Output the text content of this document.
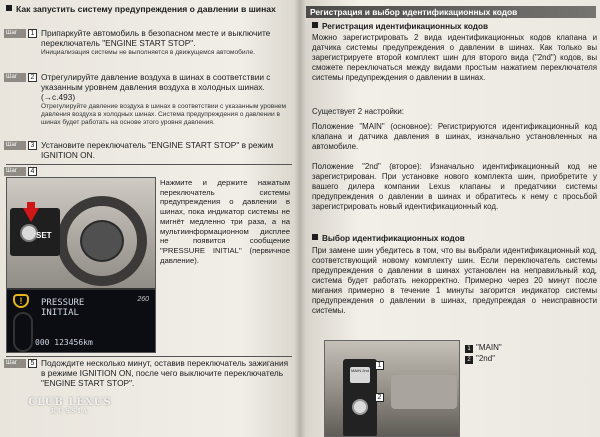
Как запустить систему предупреждения о давлении в шинах
Шаг	1 Припаркуйте автомобиль в безопасном месте и выключите переключатель "ENGINE START STOP".
Инициализация системы не выполняется в движущемся автомобиле.
Шаг	2 Отрегулируйте давление воздуха в шинах в соответствии с указанным уровнем давления воздуха в холодных шинах. (→с.493)
Отрегулируйте давление воздуха в шинах в соответствии с указанным уровнем давления воздуха в холодных шинах. Система предупреждения о давлении в шинах будет работать на основе этого уровня давления.
Шаг	3 Установите переключатель "ENGINE START STOP" в режим IGNITION ON.
Шаг	4
SET
!	PRESSURE
INITIAL
260
000 123456km
Нажмите и держите нажатым переключатель системы предупреждения о давлении в шинах, пока индикатор системы не мигнёт медленно три раза, а на мультиинформационном дисплее не появится сообщение "PRESSURE INITIAL" (первичное давление).
Шаг	5 Подождите несколько минут, оставив переключатель зажигания в режиме IGNITION ON, после чего выключите переключатель "ENGINE START STOP".
CLUB LEXUS
RUSSIA
Регистрация и выбор идентификационных кодов
Регистрация идентификационных кодов
Можно зарегистрировать 2 вида идентификационных кодов клапана и датчика системы предупреждения о давлении в шинах. Как только вы зарегистрируете второй комплект шин для второго вида ("2nd") кодов, вы сможете переключаться между видами простым нажатием переключателя системы предупреждения о давлении в шинах.
Существует 2 настройки:
Положение "MAIN" (основное): Регистрируются идентификационный код клапана и датчика давления в шинах, изначально установленных на автомобиле.
Положение "2nd" (второе): Изначально идентификационный код не зарегистрирован. При установке нового комплекта шин, приобретите у вашего дилера компании Lexus клапаны и предатчики системы предупреждения о давлении в шинах и обратитесь к нему с просьбой зарегистрировать новый идентификационный код.
Выбор идентификационных кодов
При замене шин убедитесь в том, что вы выбрали идентификационный код, соответствующий новому комплекту шин. Если переключатель системы предупреждения о давлении в шинах установлен на неправильный код, система будет работать некорректно. Примерно через 20 минут после мигания примерно в течение 1 минуты загорится индикатор системы предупреждения о давлении в шинах, предупреждая о неисправности системы.
MAIN 2nd
1
2
1 "MAIN"
2 "2nd"
